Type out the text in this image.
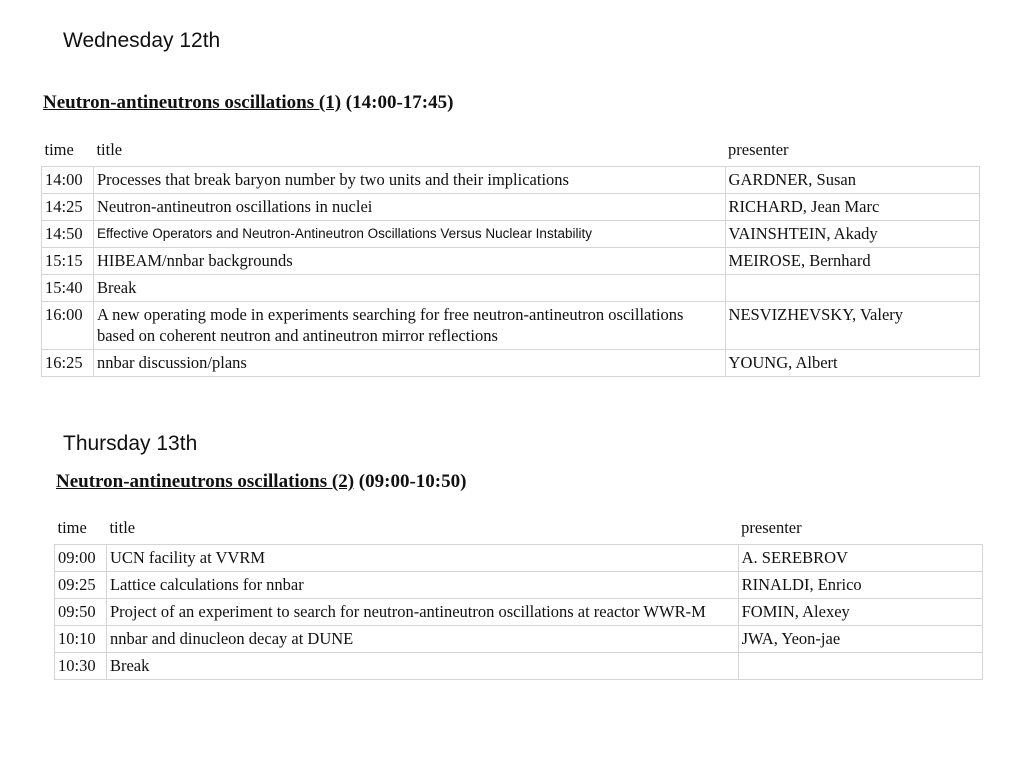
Wednesday 12th
Neutron-antineutrons oscillations (1) (14:00-17:45)
time	title	presenter
14:00	Processes that break baryon number by two units and their implications	GARDNER, Susan
14:25	Neutron-antineutron oscillations in nuclei	RICHARD, Jean Marc
14:50	Effective Operators and Neutron-Antineutron Oscillations Versus Nuclear Instability	VAINSHTEIN, Akady
15:15	HIBEAM/nnbar backgrounds	MEIROSE, Bernhard
15:40	Break	
16:00	A new operating mode in experiments searching for free neutron-antineutron oscillations based on coherent neutron and antineutron mirror reflections	NESVIZHEVSKY, Valery
16:25	nnbar discussion/plans	YOUNG, Albert
Thursday 13th
Neutron-antineutrons oscillations (2) (09:00-10:50)
time	title	presenter
09:00	UCN facility at VVRM	A. SEREBROV
09:25	Lattice calculations for nnbar	RINALDI, Enrico
09:50	Project of an experiment to search for neutron-antineutron oscillations at reactor WWR-M	FOMIN, Alexey
10:10	nnbar and dinucleon decay at DUNE	JWA, Yeon-jae
10:30	Break	
